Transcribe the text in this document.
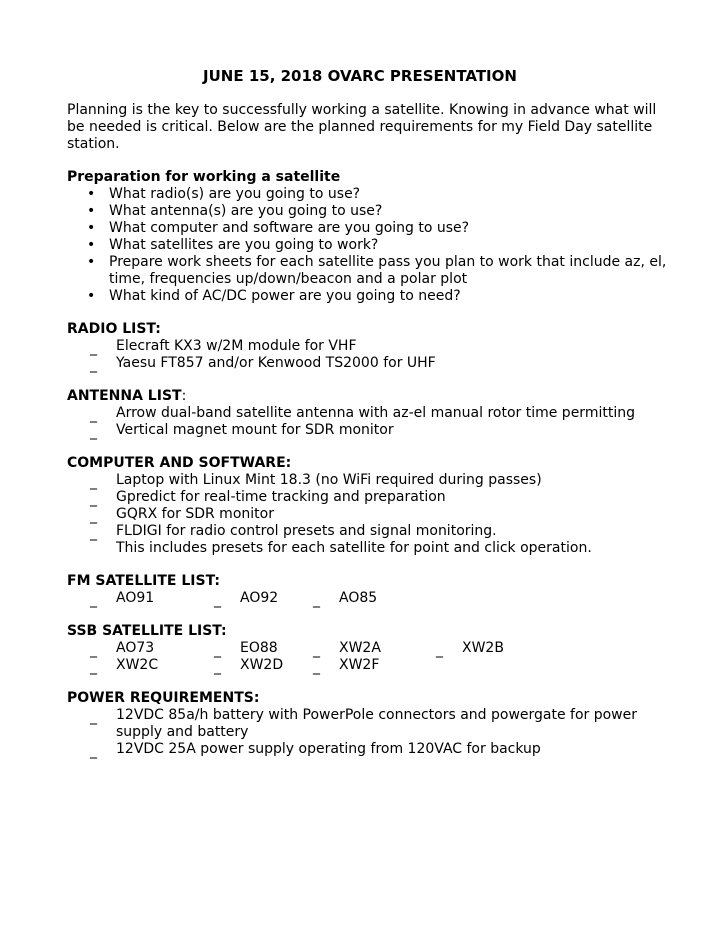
JUNE 15, 2018 OVARC PRESENTATION
Planning is the key to successfully working a satellite. Knowing in advance what will be needed is critical. Below are the planned requirements for my Field Day satellite station.
Preparation for working a satellite
• What radio(s) are you going to use?
• What antenna(s) are you going to use?
• What computer and software are you going to use?
• What satellites are you going to work?
• Prepare work sheets for each satellite pass you plan to work that include az, el, time, frequencies up/down/beacon and a polar plot
• What kind of AC/DC power are you going to need?
RADIO LIST:
_ Elecraft KX3 w/2M module for VHF
_ Yaesu FT857 and/or Kenwood TS2000 for UHF
ANTENNA LIST:
_ Arrow dual-band satellite antenna with az-el manual rotor time permitting
_ Vertical magnet mount for SDR monitor
COMPUTER AND SOFTWARE:
_ Laptop with Linux Mint 18.3 (no WiFi required during passes)
_ Gpredict for real-time tracking and preparation
_ GQRX for SDR monitor
_ FLDIGI for radio control presets and signal monitoring.
This includes presets for each satellite for point and click operation.
FM SATELLITE LIST:
_ AO91	_ AO92 _ AO85
SSB SATELLITE LIST:
_ AO73	_ EO88	_ XW2A	_ XW2B
_ XW2C	_ XW2D _ XW2F
POWER REQUIREMENTS:
_ 12VDC 85a/h battery with PowerPole connectors and powergate for power supply and battery
_ 12VDC 25A power supply operating from 120VAC for backup
